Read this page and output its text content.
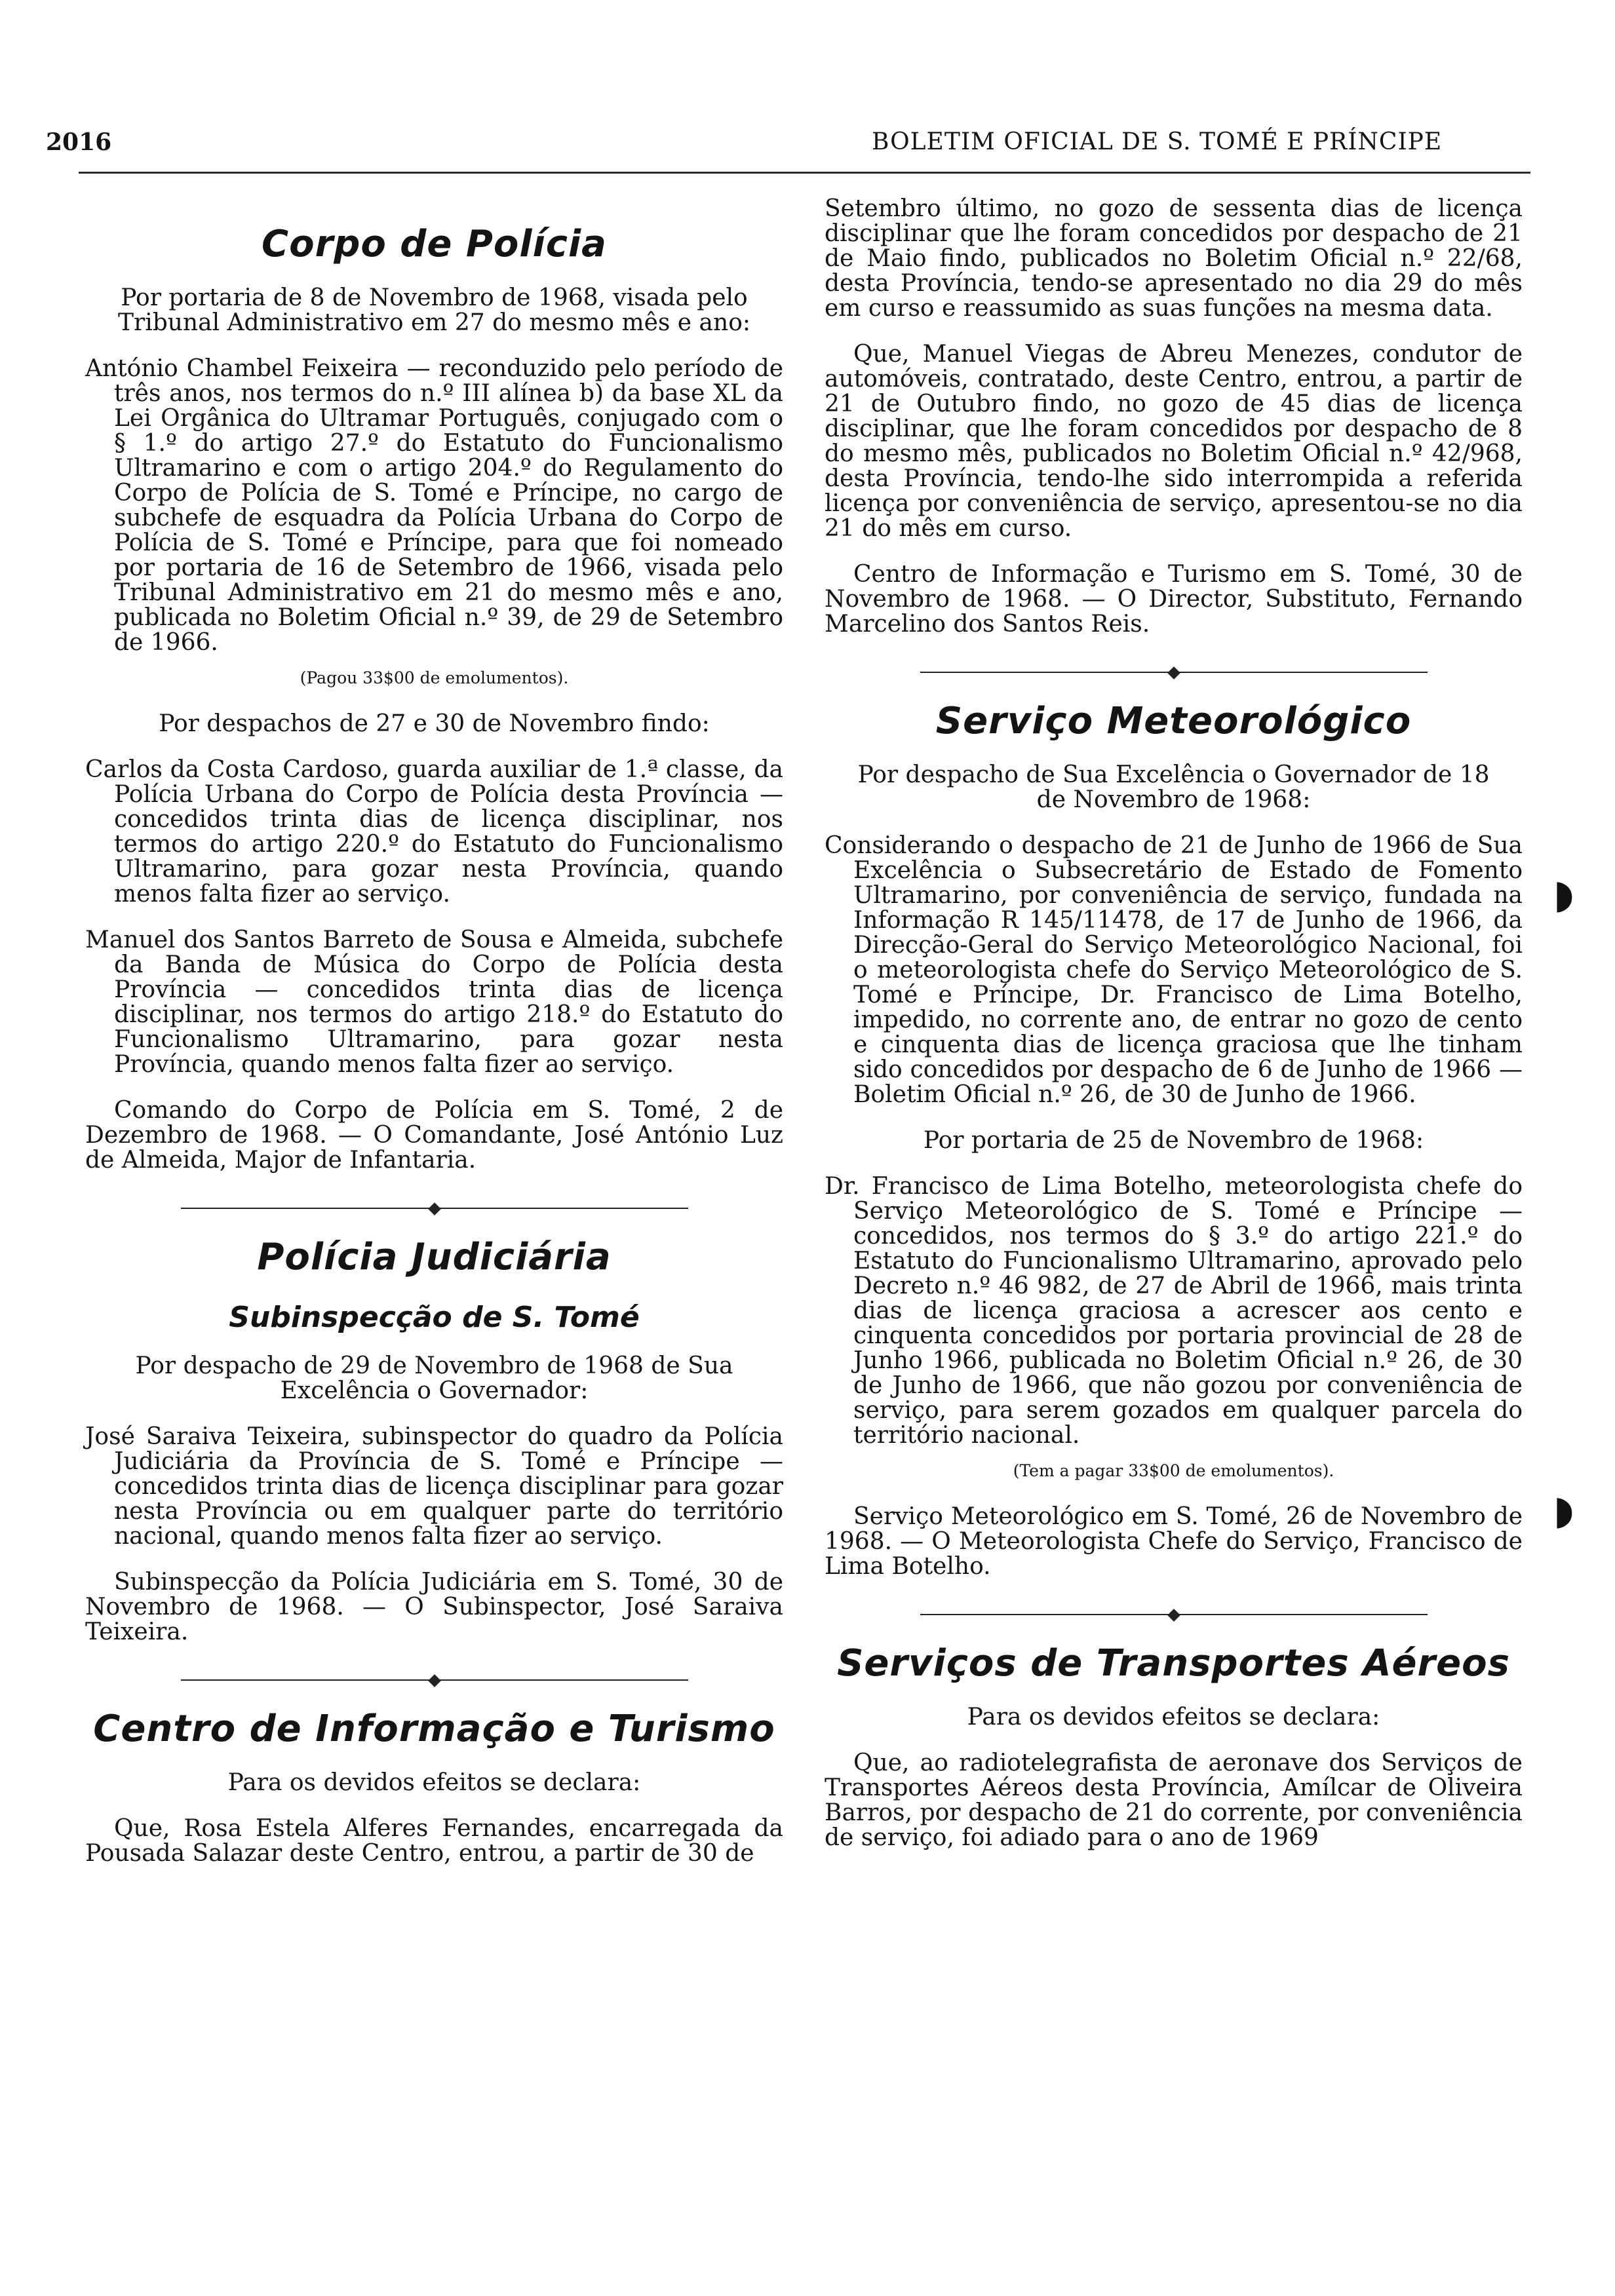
2016	BOLETIM OFICIAL DE S. TOMÉ E PRÍNCIPE
Corpo de Polícia

Por portaria de 8 de Novembro de 1968, visada pelo Tribunal Administrativo em 27 do mesmo mês e ano:

António Chambel Feixeira — reconduzido pelo período de três anos, nos termos do n.º III alínea b) da base XL da Lei Orgânica do Ultramar Português, conjugado com o § 1.º do artigo 27.º do Estatuto do Funcionalismo Ultramarino e com o artigo 204.º do Regulamento do Corpo de Polícia de S. Tomé e Príncipe, no cargo de subchefe de esquadra da Polícia Urbana do Corpo de Polícia de S. Tomé e Príncipe, para que foi nomeado por portaria de 16 de Setembro de 1966, visada pelo Tribunal Administrativo em 21 do mesmo mês e ano, publicada no Boletim Oficial n.º 39, de 29 de Setembro de 1966.

(Pagou 33$00 de emolumentos).

Por despachos de 27 e 30 de Novembro findo:

Carlos da Costa Cardoso, guarda auxiliar de 1.ª classe, da Polícia Urbana do Corpo de Polícia desta Província — concedidos trinta dias de licença disciplinar, nos termos do artigo 220.º do Estatuto do Funcionalismo Ultramarino, para gozar nesta Província, quando menos falta fizer ao serviço.

Manuel dos Santos Barreto de Sousa e Almeida, subchefe da Banda de Música do Corpo de Polícia desta Província — concedidos trinta dias de licença disciplinar, nos termos do artigo 218.º do Estatuto do Funcionalismo Ultramarino, para gozar nesta Província, quando menos falta fizer ao serviço.

Comando do Corpo de Polícia em S. Tomé, 2 de Dezembro de 1968. — O Comandante, José António Luz de Almeida, Major de Infantaria.

Polícia Judiciária
Subinspecção de S. Tomé

Por despacho de 29 de Novembro de 1968 de Sua Excelência o Governador:

José Saraiva Teixeira, subinspector do quadro da Polícia Judiciária da Província de S. Tomé e Príncipe — concedidos trinta dias de licença disciplinar para gozar nesta Província ou em qualquer parte do território nacional, quando menos falta fizer ao serviço.

Subinspecção da Polícia Judiciária em S. Tomé, 30 de Novembro de 1968. — O Subinspector, José Saraiva Teixeira.

Centro de Informação e Turismo

Para os devidos efeitos se declara:

Que, Rosa Estela Alferes Fernandes, encarregada da Pousada Salazar deste Centro, entrou, a partir de 30 de

Setembro último, no gozo de sessenta dias de licença disciplinar que lhe foram concedidos por despacho de 21 de Maio findo, publicados no Boletim Oficial n.º 22/68, desta Província, tendo-se apresentado no dia 29 do mês em curso e reassumido as suas funções na mesma data.

Que, Manuel Viegas de Abreu Menezes, condutor de automóveis, contratado, deste Centro, entrou, a partir de 21 de Outubro findo, no gozo de 45 dias de licença disciplinar, que lhe foram concedidos por despacho de 8 do mesmo mês, publicados no Boletim Oficial n.º 42/968, desta Província, tendo-lhe sido interrompida a referida licença por conveniência de serviço, apresentou-se no dia 21 do mês em curso.

Centro de Informação e Turismo em S. Tomé, 30 de Novembro de 1968. — O Director, Substituto, Fernando Marcelino dos Santos Reis.

Serviço Meteorológico

Por despacho de Sua Excelência o Governador de 18 de Novembro de 1968:

Considerando o despacho de 21 de Junho de 1966 de Sua Excelência o Subsecretário de Estado de Fomento Ultramarino, por conveniência de serviço, fundada na Informação R 145/11478, de 17 de Junho de 1966, da Direcção-Geral do Serviço Meteorológico Nacional, foi o meteorologista chefe do Serviço Meteorológico de S. Tomé e Príncipe, Dr. Francisco de Lima Botelho, impedido, no corrente ano, de entrar no gozo de cento e cinquenta dias de licença graciosa que lhe tinham sido concedidos por despacho de 6 de Junho de 1966 — Boletim Oficial n.º 26, de 30 de Junho de 1966.

Por portaria de 25 de Novembro de 1968:

Dr. Francisco de Lima Botelho, meteorologista chefe do Serviço Meteorológico de S. Tomé e Príncipe — concedidos, nos termos do § 3.º do artigo 221.º do Estatuto do Funcionalismo Ultramarino, aprovado pelo Decreto n.º 46 982, de 27 de Abril de 1966, mais trinta dias de licença graciosa a acrescer aos cento e cinquenta concedidos por portaria provincial de 28 de Junho 1966, publicada no Boletim Oficial n.º 26, de 30 de Junho de 1966, que não gozou por conveniência de serviço, para serem gozados em qualquer parcela do território nacional.

(Tem a pagar 33$00 de emolumentos).

Serviço Meteorológico em S. Tomé, 26 de Novembro de 1968. — O Meteorologista Chefe do Serviço, Francisco de Lima Botelho.

Serviços de Transportes Aéreos

Para os devidos efeitos se declara:

Que, ao radiotelegrafista de aeronave dos Serviços de Transportes Aéreos desta Província, Amílcar de Oliveira Barros, por despacho de 21 do corrente, por conveniência de serviço, foi adiado para o ano de 1969

◗
◗
